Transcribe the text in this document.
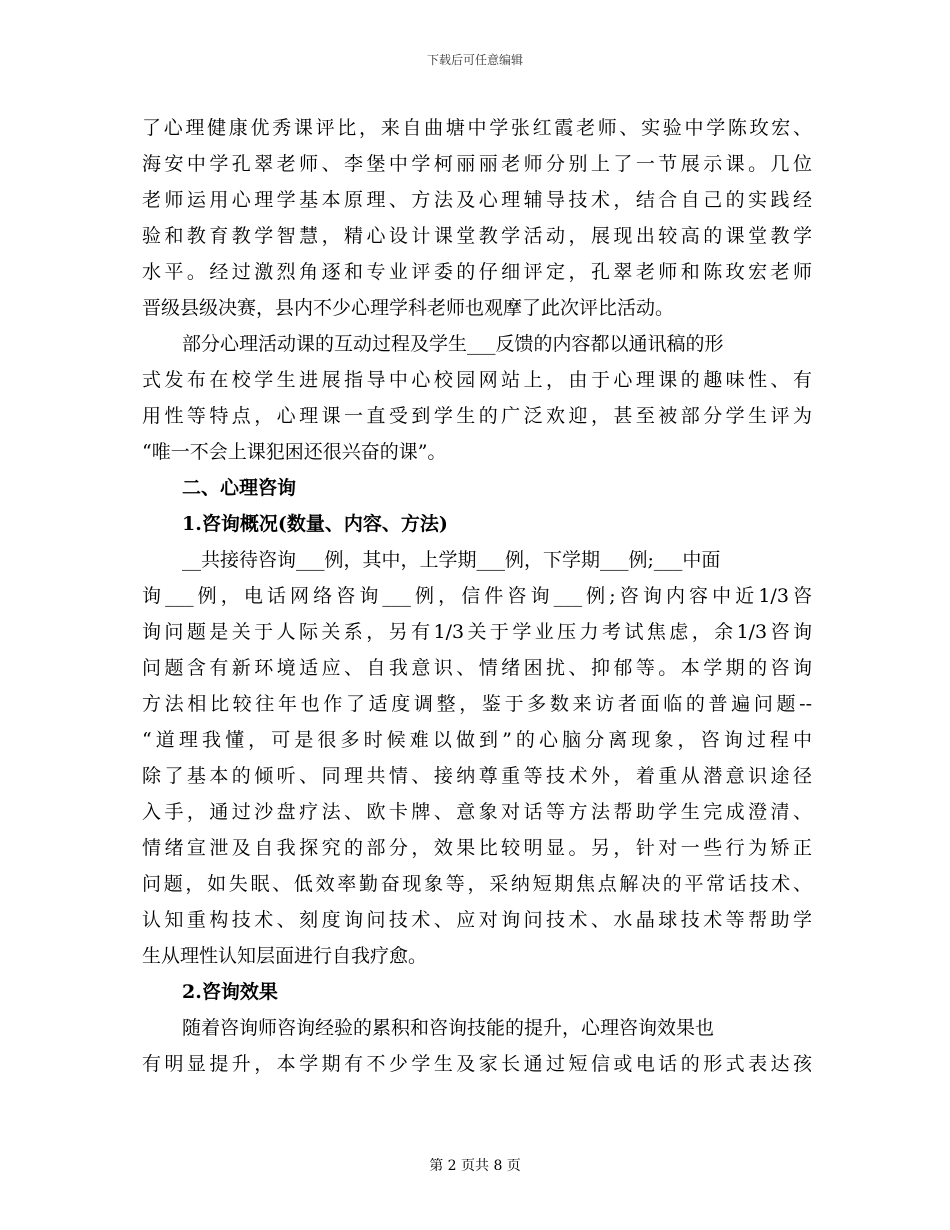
下载后可任意编辑
了心理健康优秀课评比，来自曲塘中学张红霞老师、实验中学陈玫宏、
海安中学孔翠老师、李堡中学柯丽丽老师分别上了一节展示课。几位
老师运用心理学基本原理、方法及心理辅导技术，结合自己的实践经
验和教育教学智慧，精心设计课堂教学活动，展现出较高的课堂教学
水平。经过激烈角逐和专业评委的仔细评定，孔翠老师和陈玫宏老师
晋级县级决赛，县内不少心理学科老师也观摩了此次评比活动。
部分心理活动课的互动过程及学生___反馈的内容都以通讯稿的形
式发布在校学生进展指导中心校园网站上，由于心理课的趣味性、有
用性等特点，心理课一直受到学生的广泛欢迎，甚至被部分学生评为
“唯一不会上课犯困还很兴奋的课”。
二、心理咨询
1.咨询概况(数量、内容、方法)
__共接待咨询___例，其中，上学期___例，下学期___例;___中面
询___例，电话网络咨询___例，信件咨询___例;咨询内容中近1/3咨
询问题是关于人际关系，另有1/3关于学业压力考试焦虑，余1/3咨询
问题含有新环境适应、自我意识、情绪困扰、抑郁等。本学期的咨询
方法相比较往年也作了适度调整，鉴于多数来访者面临的普遍问题--
“道理我懂，可是很多时候难以做到”的心脑分离现象，咨询过程中
除了基本的倾听、同理共情、接纳尊重等技术外，着重从潜意识途径
入手，通过沙盘疗法、欧卡牌、意象对话等方法帮助学生完成澄清、
情绪宣泄及自我探究的部分，效果比较明显。另，针对一些行为矫正
问题，如失眠、低效率勤奋现象等，采纳短期焦点解决的平常话技术、
认知重构技术、刻度询问技术、应对询问技术、水晶球技术等帮助学
生从理性认知层面进行自我疗愈。
2.咨询效果
随着咨询师咨询经验的累积和咨询技能的提升，心理咨询效果也
有明显提升，本学期有不少学生及家长通过短信或电话的形式表达孩
第 2 页共 8 页
